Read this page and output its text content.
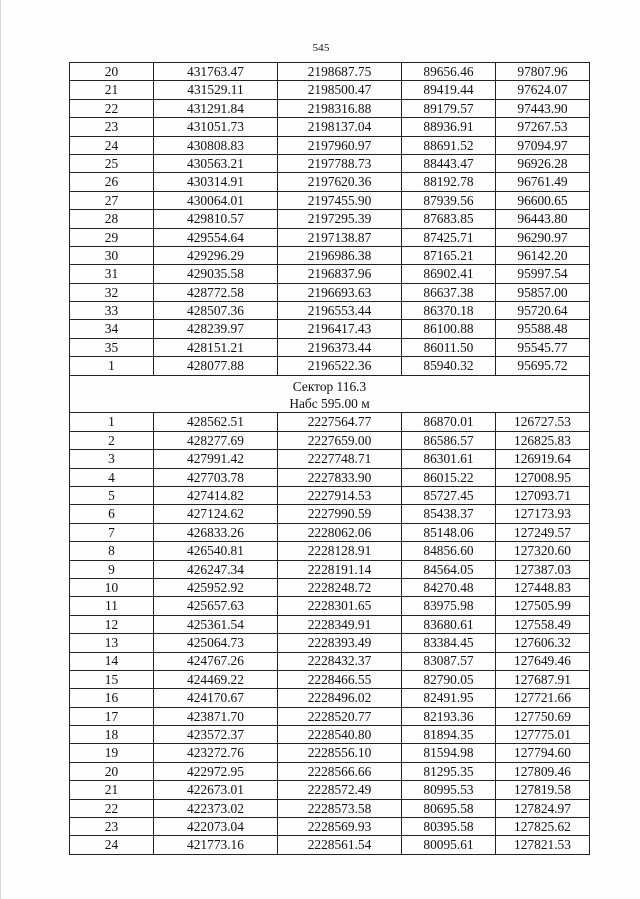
545
20	431763.47	2198687.75	89656.46	97807.96
21	431529.11	2198500.47	89419.44	97624.07
22	431291.84	2198316.88	89179.57	97443.90
23	431051.73	2198137.04	88936.91	97267.53
24	430808.83	2197960.97	88691.52	97094.97
25	430563.21	2197788.73	88443.47	96926.28
26	430314.91	2197620.36	88192.78	96761.49
27	430064.01	2197455.90	87939.56	96600.65
28	429810.57	2197295.39	87683.85	96443.80
29	429554.64	2197138.87	87425.71	96290.97
30	429296.29	2196986.38	87165.21	96142.20
31	429035.58	2196837.96	86902.41	95997.54
32	428772.58	2196693.63	86637.38	95857.00
33	428507.36	2196553.44	86370.18	95720.64
34	428239.97	2196417.43	86100.88	95588.48
35	428151.21	2196373.44	86011.50	95545.77
1	428077.88	2196522.36	85940.32	95695.72
Сектор 116.3				
Набс 595.00 м				
1	428562.51	2227564.77	86870.01	126727.53
2	428277.69	2227659.00	86586.57	126825.83
3	427991.42	2227748.71	86301.61	126919.64
4	427703.78	2227833.90	86015.22	127008.95
5	427414.82	2227914.53	85727.45	127093.71
6	427124.62	2227990.59	85438.37	127173.93
7	426833.26	2228062.06	85148.06	127249.57
8	426540.81	2228128.91	84856.60	127320.60
9	426247.34	2228191.14	84564.05	127387.03
10	425952.92	2228248.72	84270.48	127448.83
11	425657.63	2228301.65	83975.98	127505.99
12	425361.54	2228349.91	83680.61	127558.49
13	425064.73	2228393.49	83384.45	127606.32
14	424767.26	2228432.37	83087.57	127649.46
15	424469.22	2228466.55	82790.05	127687.91
16	424170.67	2228496.02	82491.95	127721.66
17	423871.70	2228520.77	82193.36	127750.69
18	423572.37	2228540.80	81894.35	127775.01
19	423272.76	2228556.10	81594.98	127794.60
20	422972.95	2228566.66	81295.35	127809.46
21	422673.01	2228572.49	80995.53	127819.58
22	422373.02	2228573.58	80695.58	127824.97
23	422073.04	2228569.93	80395.58	127825.62
24	421773.16	2228561.54	80095.61	127821.53
